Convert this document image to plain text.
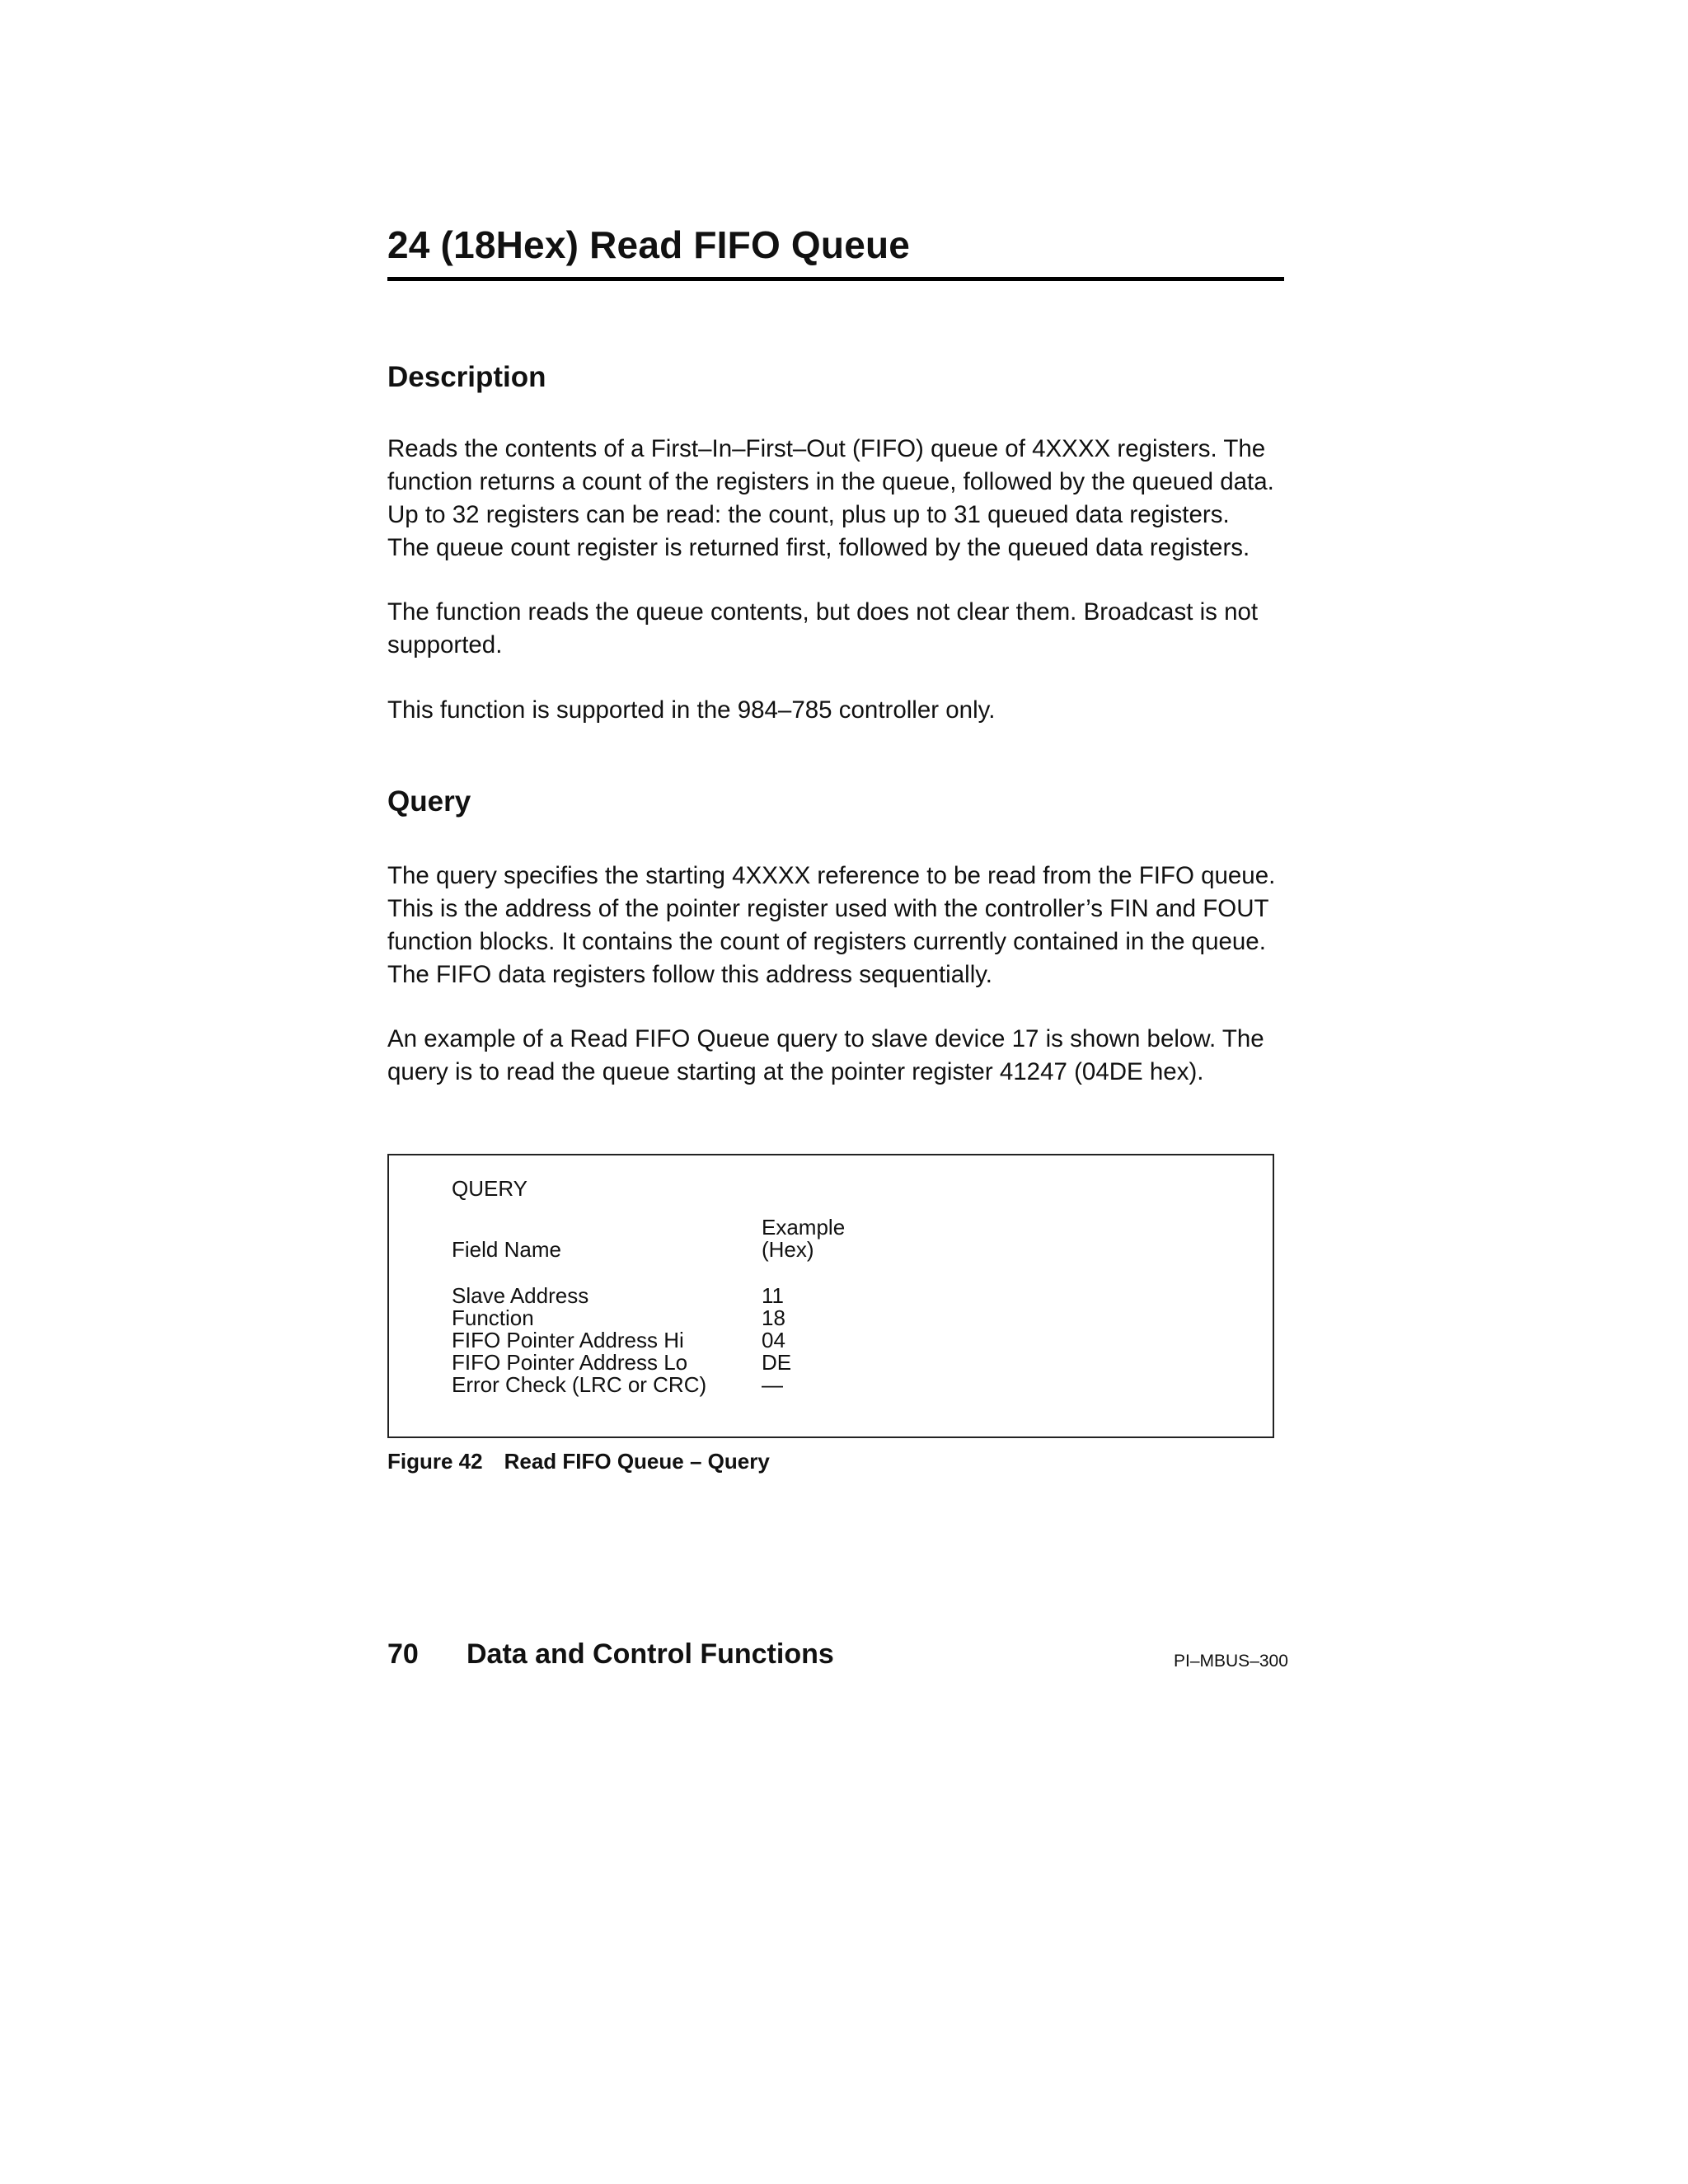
24 (18Hex) Read FIFO Queue
Description

Reads the contents of a First–In–First–Out (FIFO) queue of 4XXXX registers. The
function returns a count of the registers in the queue, followed by the queued data.
Up to 32 registers can be read: the count, plus up to 31 queued data registers.
The queue count register is returned first, followed by the queued data registers.

The function reads the queue contents, but does not clear them. Broadcast is not
supported.

This function is supported in the 984–785 controller only.

Query

The query specifies the starting 4XXXX reference to be read from the FIFO queue.
This is the address of the pointer register used with the controller’s FIN and FOUT
function blocks. It contains the count of registers currently contained in the queue.
The FIFO data registers follow this address sequentially.

An example of a Read FIFO Queue query to slave device 17 is shown below. The
query is to read the queue starting at the pointer register 41247 (04DE hex).

QUERY
Example
Field Name	(Hex)
Slave Address	11
Function	18
FIFO Pointer Address Hi	04
FIFO Pointer Address Lo	DE
Error Check (LRC or CRC)	—
Figure 42 Read FIFO Queue – Query
70 Data and Control Functions	PI–MBUS–300
